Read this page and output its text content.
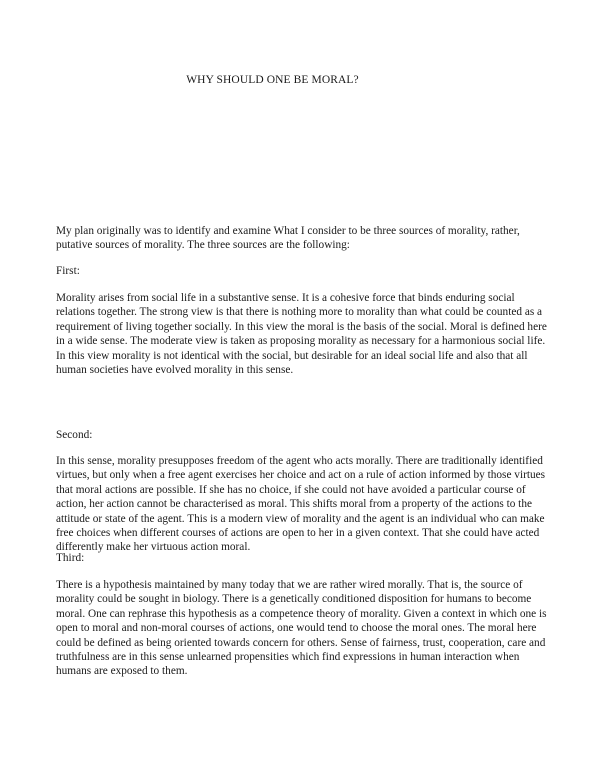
WHY SHOULD ONE BE MORAL?

My plan originally was to identify and examine What I consider to be three sources of morality, rather, putative sources of morality. The three sources are the following:

First:

Morality arises from social life in a substantive sense. It is a cohesive force that binds enduring social relations together. The strong view is that there is nothing more to morality than what could be counted as a requirement of living together socially. In this view the moral is the basis of the social. Moral is defined here in a wide sense. The moderate view is taken as proposing morality as necessary for a harmonious social life. In this view morality is not identical with the social, but desirable for an ideal social life and also that all human societies have evolved morality in this sense.

Second:

In this sense, morality presupposes freedom of the agent who acts morally. There are traditionally identified virtues, but only when a free agent exercises her choice and act on a rule of action informed by those virtues that moral actions are possible. If she has no choice, if she could not have avoided a particular course of action, her action cannot be characterised as moral. This shifts moral from a property of the actions to the attitude or state of the agent. This is a modern view of morality and the agent is an individual who can make free choices when different courses of actions are open to her in a given context. That she could have acted differently make her virtuous action moral.

Third:

There is a hypothesis maintained by many today that we are rather wired morally. That is, the source of morality could be sought in biology. There is a genetically conditioned disposition for humans to become moral. One can rephrase this hypothesis as a competence theory of morality. Given a context in which one is open to moral and non-moral courses of actions, one would tend to choose the moral ones. The moral here could be defined as being oriented towards concern for others. Sense of fairness, trust, cooperation, care and truthfulness are in this sense unlearned propensities which find expressions in human interaction when humans are exposed to them.
